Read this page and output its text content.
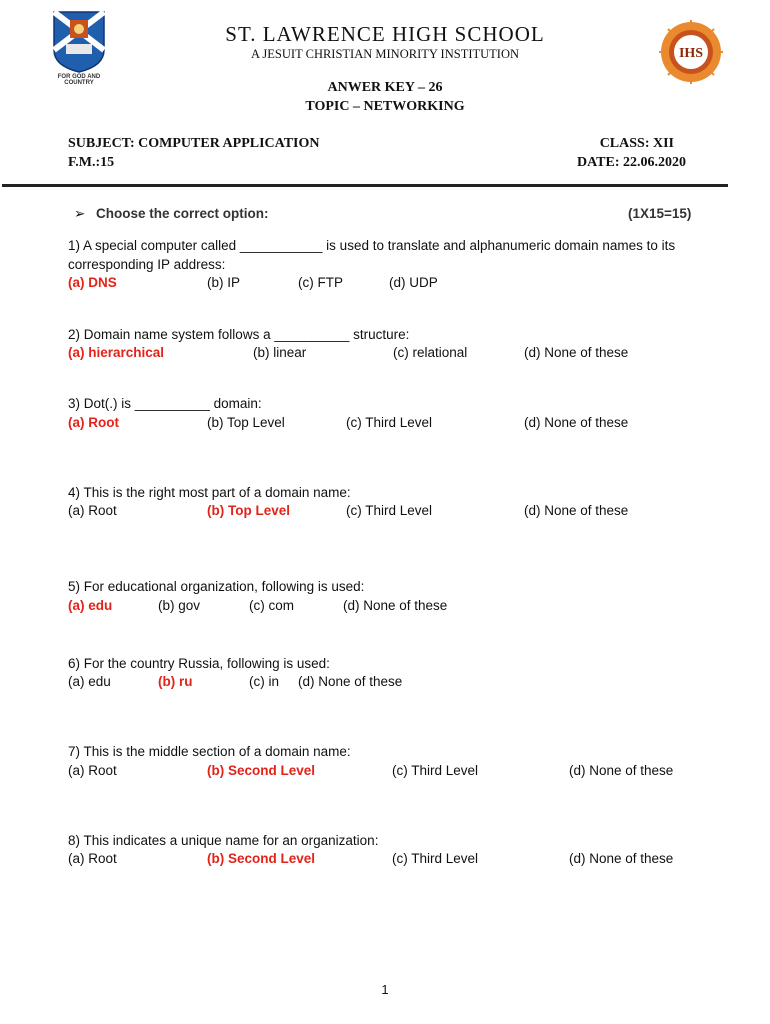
FOR GOD AND COUNTRY
IHS
ST. LAWRENCE HIGH SCHOOL
A JESUIT CHRISTIAN MINORITY INSTITUTION
ANWER KEY – 26
TOPIC – NETWORKING
SUBJECT: COMPUTER APPLICATION
F.M.:15
CLASS: XII
DATE: 22.06.2020
➢ Choose the correct option:	(1X15=15)
1) A special computer called ___________ is used to translate and alphanumeric domain names to its
corresponding IP address:
(a) DNS	(b) IP	(c) FTP	(d) UDP
2) Domain name system follows a __________ structure:
(a) hierarchical	(b) linear	(c) relational	(d) None of these
3) Dot(.) is __________ domain:
(a) Root	(b) Top Level	(c) Third Level	(d) None of these
4) This is the right most part of a domain name:
(a) Root	(b) Top Level	(c) Third Level	(d) None of these
5) For educational organization, following is used:
(a) edu	(b) gov	(c) com	(d) None of these
6) For the country Russia, following is used:
(a) edu	(b) ru	(c) in (d) None of these
7) This is the middle section of a domain name:
(a) Root	(b) Second Level	(c) Third Level	(d) None of these
8) This indicates a unique name for an organization:
(a) Root	(b) Second Level	(c) Third Level	(d) None of these
1
